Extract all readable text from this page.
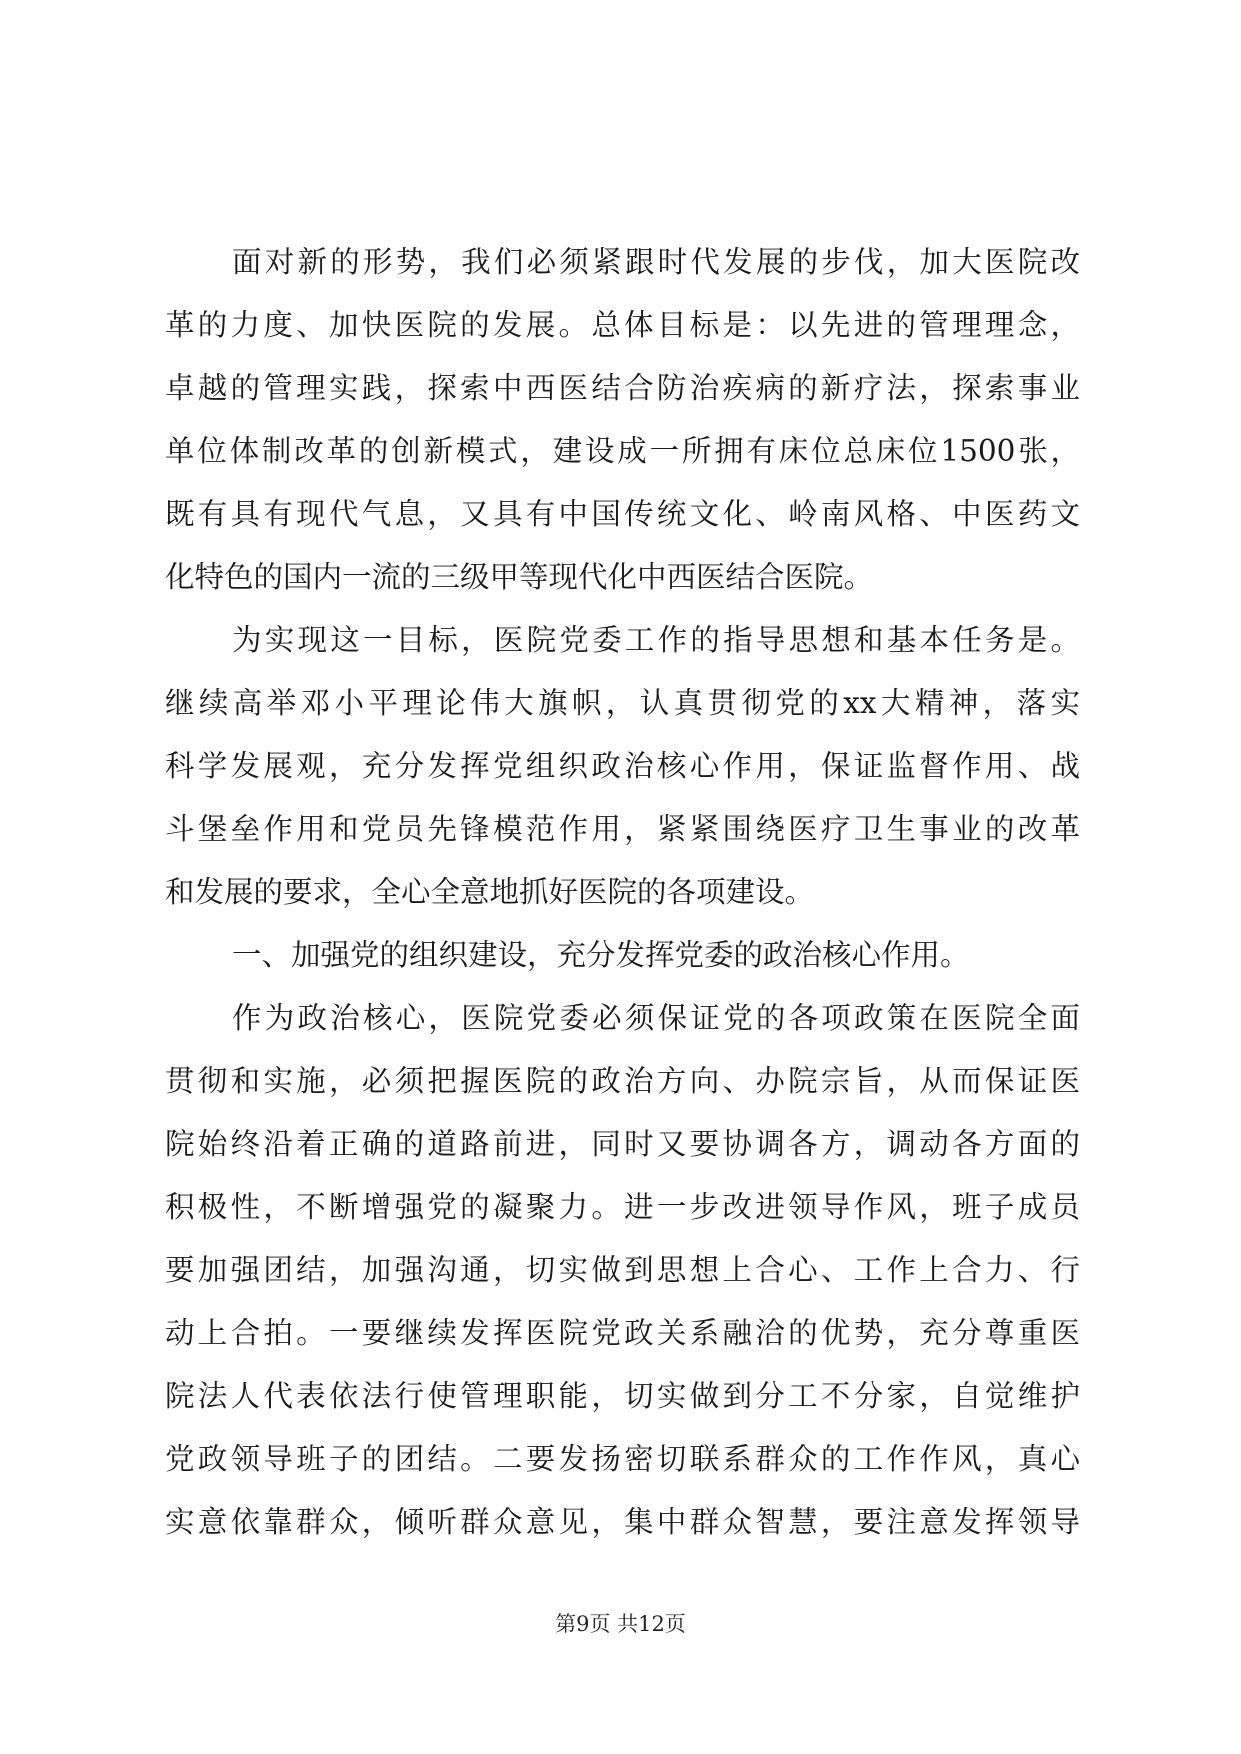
面对新的形势，我们必须紧跟时代发展的步伐，加大医院改
革的力度、加快医院的发展。总体目标是：以先进的管理理念，
卓越的管理实践，探索中西医结合防治疾病的新疗法，探索事业
单位体制改革的创新模式，建设成一所拥有床位总床位1500张，
既有具有现代气息，又具有中国传统文化、岭南风格、中医药文
化特色的国内一流的三级甲等现代化中西医结合医院。
为实现这一目标，医院党委工作的指导思想和基本任务是。
继续高举邓小平理论伟大旗帜，认真贯彻党的xx大精神，落实
科学发展观，充分发挥党组织政治核心作用，保证监督作用、战
斗堡垒作用和党员先锋模范作用，紧紧围绕医疗卫生事业的改革
和发展的要求，全心全意地抓好医院的各项建设。
一、加强党的组织建设，充分发挥党委的政治核心作用。
作为政治核心，医院党委必须保证党的各项政策在医院全面
贯彻和实施，必须把握医院的政治方向、办院宗旨，从而保证医
院始终沿着正确的道路前进，同时又要协调各方，调动各方面的
积极性，不断增强党的凝聚力。进一步改进领导作风，班子成员
要加强团结，加强沟通，切实做到思想上合心、工作上合力、行
动上合拍。一要继续发挥医院党政关系融洽的优势，充分尊重医
院法人代表依法行使管理职能，切实做到分工不分家，自觉维护
党政领导班子的团结。二要发扬密切联系群众的工作作风，真心
实意依靠群众，倾听群众意见，集中群众智慧，要注意发挥领导
第9页 共12页
